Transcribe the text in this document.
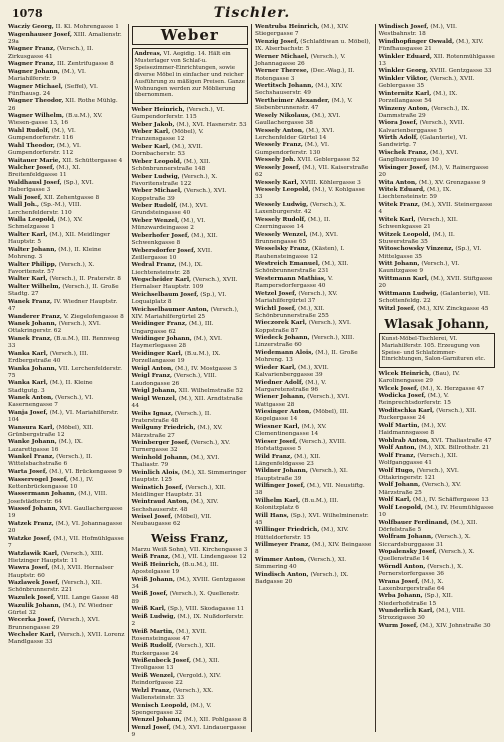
1078	Tischler.
Wacziy Georg, II. Kl. Mohrengasse 1
Wagenhauser Josef, XIII. Amalienstr. 29a
Wagner Franz, (Versch.), II. Zirkusgasse 41
Wagner Franz, III. Zentrifugasse 8
Wagner Johann, (M.), VI. Mariahilferstr. 9
Wagner Michael, (Seffel), VI. Fünfhausg. 24
Wagner Theodor, XII. Rothe Mühlg. 26
Wagner Wilhelm, (B.u.M.), XV. Wiesen-gasse 13, 16
Wahl Rudolf, (M.), VI. Gumpendorferstr. 116
Wahl Theodor, (M.), VI. Gumpendorferstr. 112
Waitauer Marie, XII. Schüttergasse 4
Walcher Josef, (M.), XI. Breitenfeldgasse 11
Waldhausl Josef, (Sp.), XVI. Haberlgasse 3
Wali Josef, XII. Zehentgasse 8
Wall Joh., (Sp.-M.), VIII. Lerchenfelderstr. 110
Walla Leopold, (M.), XV. Schmelzgasse 1
Walter Karl, (M.), XII. Meidlinger Hauptstr. 5
Walter Johann, (M.), II. Kleine Mohreng. 3
Walter Philipp, (Versch.), X. Favoritenstr. 57
Walter Karl, (Versch.), II. Praterstr. 8
Walter Wilhelm, (Versch.), II. Große Stadtg. 27
Wanek Franz, IV. Wiedner Hauptstr. 47
Wanderer Franz, V. Ziegelofengasse 8
Wanek Johann, (Versch.), XVI. Ottakringerstr. 62
Wanek Franz, (B.u.M.), III. Rennweg 33
Wanka Karl, (Versch.), III. Erdbergstraße 40
Wanka Johann, VII. Lerchenfelderstr. 75
Wanka Karl, (M.), II. Kleine Stadtgutg. 3
Wanek Anton, (Versch.), VI. Kasernengasse 7
Wanja Josef, (M.), VI. Mariahilferstr. 104
Wansura Karl, (Möbel), XII. Grünbergstraße 12
Wanke Johann, (M.), IX. Lazarettgasse 16
Wankel Franz, (Versch.), II. Wittelsbachstraße 6
Warta Josef, (M.), VI. Brückengasse 9
Wasservogel Josef, (M.), IV. Kettenbrückengasse 10
Wassermann Johann, (M.), VIII. Josefstädterstr. 64
Wassof Johann, XVI. Gaullachergasse 19
Watzek Franz, (M.), VI. Johannagasse 20
Watzke Josef, (M.), VII. Hofmühlgasse 7
Watzlawik Karl, (Versch.), XIII. Hietzinger Hauptstr. 11
Wawra Josef, (M.), XVII. Hernalser Hauptstr. 60
Wazlawek Josef, (Versch.), XII. Schönbrunnerstr. 221
Wazulek Josef, VIII. Lange Gasse 48
Wazulik Johann, (M.), IV. Wiedner Gürtel 32
Wecerka Josef, (Versch.), XVI. Brunnengasse 29
Wechsler Karl, (Versch.), XVII. Lorenz Mandlgasse 33
Weber
Andreas, VI. Aegidig. 14. Hält ein Musterlager von Schlaf-u. Speisezimmer-Einrichtungen, sowie diverse Möbel in einfacher und reicher Ausführung zu mäßigen Preisen. Ganze Wohnungen werden zur Möblierung übernommen.
Weber Heinrich, (Versch.), VI. Gumpendorferstr. 115
Weber Jakob, (M.), XVI. Hasnerstr. 53
Weber Karl, (Möbel), V. Franzensgasse 12
Weber Karl, (M.), XVII. Dornbacherstr. 53
Weber Leopold, (M.), XII. Schönbrunnerstraße 148
Weber Ludwig, (Versch.), X. Favoritenstraße 122
Weber Michael, (Versch.), XVI. Koppstraße 39
Weber Rudolf, (M.), XVI. Grundsteingasse 40
Weber Wenzel, (M.), VI. Münzwardeingasse 2
Weberhofer Josef, (M.), XII. Schwenkgasse 8
Webersdorfer Josef, XVII. Zeillergasse 10
Wedral Franz, (M.), IX. Liechtensteinstr. 28
Wegscheider Karl, (Versch.), XVII. Hernalser Hauptstr. 109
Weichselbaum Josef, (Sp.), VI. Loquaiplatz 8
Weichselbaumer Anton, (Versch.), XIV. Mariahilfergürtel 25
Weidinger Franz, (M.), III. Ungargasse 62
Weidinger Johann, (M.), XVI. Haymerlegasse 28
Weidinger Karl, (B.u.M.), IX. Porzellangasse 19
Weigl Anton, (M.), IV. Mostgasse 3
Weigl Franz, (Versch.), VIII. Laudongasse 26
Weigl Johann, XII. Wilhelmstraße 52
Weigl Wenzel, (M.), XII. Arndtstraße 44
Weihs Ignaz, (Versch.), II. Praterstraße 48
Weilguny Friedrich, (M.), XV. Märzstraße 27
Weinberger Josef, (Versch.), XV. Turnergasse 32
Weinhold Johann, (M.), XVI. Thaliastr. 79
Weinlich Alois, (M.), XI. Simmeringer Hauptstr. 125
Weinstich Josef, (Versch.), XII. Meidlinger Hauptstr. 31
Weintraud Anton, (M.), XIV. Sechshauserstr. 48
Weisel Josef, (Möbel), VII. Neubaugasse 62
Weiss Franz,
Marzu Weiß Sohn), VII. Kirchengasse 3
Weiß Franz, (M.), VII. Lindengasse 12
Weiß Heinrich, (B.u.M.), III. Apostelgasse 19
Weiß Johann, (M.), XVIII. Gentzgasse 34
Weiß Josef, (Versch.), X. Quellenstr. 89
Weiß Karl, (Sp.), VIII. Skodagasse 11
Weiß Ludwig, (M.), IX. Nußdorferstr. 2
Weiß Martin, (M.), XVII. Rosensteingasse 47
Weiß Rudolf, (Versch.), XII. Ruckergasse 24
Weißenbeck Josef, (M.), XII. Tivoligasse 13
Weiß Wenzel, (Vergold.), XIV. Reindorfgasse 22
Welzl Franz, (Versch.), XX. Wallensteinstr. 33
Wenisch Leopold, (M.), V. Spengergasse 32
Wenzel Johann, (M.), XII. Pohlgasse 8
Wenzl Josef, (M.), XVI. Lindauergasse 9
Wentruba Heinrich, (M.), XIV. Stiegergasse 7
Wenzig Josef, (Schlafdiwan u. Möbel), IX. Alserbachstr. 5
Werner Michael, (Versch.), V. Johannagasse 26
Werner Therese, (Dec.-Wag.), II. Rotengasse 3
Wertitsch Johann, (M.), XIV. Sechshauserstr. 49
Wertheimer Alexander, (M.), V. Siebenbrunnenstr. 47
Wesely Nikolaus, (M.), XVI. Gaullachergasse 38
Wessely Anton, (M.), XVI. Lerchenfelder Gürtel 14
Wessely Franz, (M.), VI. Gumpendorferstr. 130
Wessely Joh. XVII. Geblergasse 52
Wessely Josef, (M.), VII. Kaiserstraße 62
Wessely Karl, XVIII. Köhlergasse 3
Wessely Leopold, (M.), V. Kohlgasse 33
Wessely Ludwig, (Versch.), X. Laxenburgerstr. 42
Wessely Rudolf, (M.), II. Czerningasse 14
Wessely Wenzel, (M.), XVI. Brunnengasse 65
Wesselsky Franz, (Kästen), I. Rauhensteingasse 12
Westreich Emanuel, (M.), XII. Schönbrunnerstraße 231
Westermann Mathias, V. Rampersdorfergasse 40
Wetzel Josef, (Versch.), XV. Mariahilfergürtel 37
Wichtl Josef, (M.), XII. Schönbrunnerstraße 255
Wieczorek Karl, (Versch.), XVI. Koppstraße 87
Wiedeck Johann, (Versch.), XIII. Linzerstraße 60
Wiedemann Alois, (M.), II. Große Mohreng. 13
Wieder Karl, (M.), XVII. Kalvarienberggasse 39
Wiedner Adolf, (M.), V. Margaretenstraße 96
Wiener Johann, (Versch.), XVI. Wattgasse 28
Wiesinger Anton, (Möbel), III. Kegelgasse 14
Wiesner Karl, (M.), XV. Clementinengasse 14
Wieser Josef, (Versch.), XVIII. Hofstattgasse 5
Wild Franz, (M.), XII. Längenfeldgasse 23
Wildner Johann, (Versch.), XI. Hauptstraße 39
Wilfinger Josef, (M.), VII. Neustiftg. 38
Wilhelm Karl, (B.u.M.), III. Kolonitzplatz 6
Will Hans, (Sp.), XVI. Wilhelminenstr. 45
Willinger Friedrich, (M.), XIV. Hütteldorferstr. 15
Willmeyer Franz, (M.), XIV. Beingasse 8
Wimmer Anton, (Versch.), XI. Simmering 40
Windisch Anton, (Versch.), IX. Badgasse 20
Windisch Josef, (M.), VII. Westbahnstr. 18
Windhopfinger Oswald, (M.), XIV. Fünfhausgasse 21
Winkler Eduard, XII. Rotenmühlgasse 13
Winkler Georg, XVIII. Gentzgasse 33
Winkler Viktor, (Versch.), XVII. Geblergasse 35
Winternitz Karl, (M.), IX. Porzellangasse 54
Winzeny Anton, (Versch.), IX. Dammstraße 29
Wiora Josef, (Versch.), XVII. Kalvarienberggasse 5
Wirth Adolf, (Galanterie), VI. Sandwirtg. 7
Wischek Franz, (M.), XVI. Ganglbauergasse 10
Wisinger Josef, (M.), V. Rainergasse 20
Wita Anton, (M.), XV. Grenzgasse 9
Witek Eduard, (M.), IX. Liechtensteinstr. 59
Witek Franz, (M.), XVII. Steinergasse 4
Witek Karl, (Versch.), XII. Schwenkgasse 21
Witzek Leopold, (M.), II. Stuwerstraße 35
Witoschowsky Vinzenz, (Sp.), VI. Mittelgasse 35
Witt Johann, (Versch.), VI. Kaunitzgasse 9
Wittmann Karl, (M.), XVII. Stiftgasse 20
Wittmann Ludwig, (Galanterie), VII. Schottenfeldg. 22
Witzl Josef, (M.), XIV. Zinckgasse 45
Wlasak Johann,
Kunst-Möbel-Tischlerei, VI. Mariahilferstr. 105. Erzeugung von Speise- und Schlafzimmer-Einrichtungen, Salon-Garnituren etc.
Wlcek Heinrich, (Bau), IV. Karolinengasse 29
Wlcek Josef, (M.), X. Herzgasse 47
Wodicka Josef, (M.), V. Reinprechtsdorferstr. 15
Woditschka Karl, (Versch.), XII. Ruckergasse 24
Wolf Martin, (M.), XV. Haidmannsgasse 8
Wohlrab Anton, XVI. Thaliastraße 47
Wolf Anton, (M.), XIX. Billrothstr. 21
Wolf Franz, (Versch.), XII. Wolfganggasse 41
Wolf Hugo, (Versch.), XVI. Ottakringerstr. 121
Wolf Johann, (Versch.), XV. Märzstraße 25
Wolf Karl, (M.), IV. Schäffergasse 13
Wolf Leopold, (M.), IV. Heumühlgasse 10
Wolfbauer Ferdinand, (M.), XII. Dörfelstraße 5
Wolfram Johann, (Versch.), X. Siccardsburggasse 31
Wopalensky Josef, (Versch.), X. Quellenstraße 14
Wörndl Anton, (Versch.), X. Pernerstorfergasse 36
Wrana Josef, (M.), X. Laxenburgerstraße 64
Wrba Johann, (Sp.), XII. Niederhofstraße 15
Wunderlich Karl, (M.), VIII. Strozzigasse 30
Wurm Josef, (M.), XIV. Johnstraße 30
